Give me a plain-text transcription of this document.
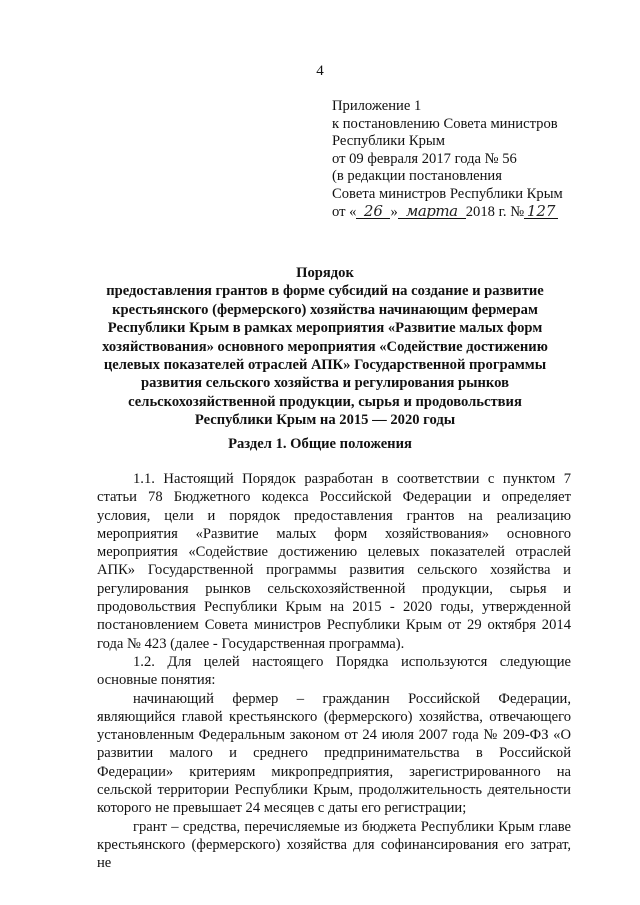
4
Приложение 1
к постановлению Совета министров
Республики Крым
от 09 февраля 2017 года № 56
(в редакции постановления
Совета министров Республики Крым
от « 26 » марта 2018 г. № 127
Порядок
предоставления грантов в форме субсидий на создание и развитие
крестьянского (фермерского) хозяйства начинающим фермерам
Республики Крым в рамках мероприятия «Развитие малых форм
хозяйствования» основного мероприятия «Содействие достижению
целевых показателей отраслей АПК» Государственной программы
развития сельского хозяйства и регулирования рынков
сельскохозяйственной продукции, сырья и продовольствия
Республики Крым на 2015 — 2020 годы
Раздел 1. Общие положения

1.1. Настоящий Порядок разработан в соответствии с пунктом 7 статьи 78 Бюджетного кодекса Российской Федерации и определяет условия, цели и порядок предоставления грантов на реализацию мероприятия «Развитие малых форм хозяйствования» основного мероприятия «Содействие достижению целевых показателей отраслей АПК» Государственной программы развития сельского хозяйства и регулирования рынков сельскохозяйственной продукции, сырья и продовольствия Республики Крым на 2015 - 2020 годы, утвержденной постановлением Совета министров Республики Крым от 29 октября 2014 года № 423 (далее - Государственная программа).

1.2. Для целей настоящего Порядка используются следующие основные понятия:

начинающий фермер – гражданин Российской Федерации, являющийся главой крестьянского (фермерского) хозяйства, отвечающего установленным Федеральным законом от 24 июля 2007 года № 209-ФЗ «О развитии малого и среднего предпринимательства в Российской Федерации» критериям микропредприятия, зарегистрированного на сельской территории Республики Крым, продолжительность деятельности которого не превышает 24 месяцев с даты его регистрации;

грант – средства, перечисляемые из бюджета Республики Крым главе крестьянского (фермерского) хозяйства для софинансирования его затрат, не
